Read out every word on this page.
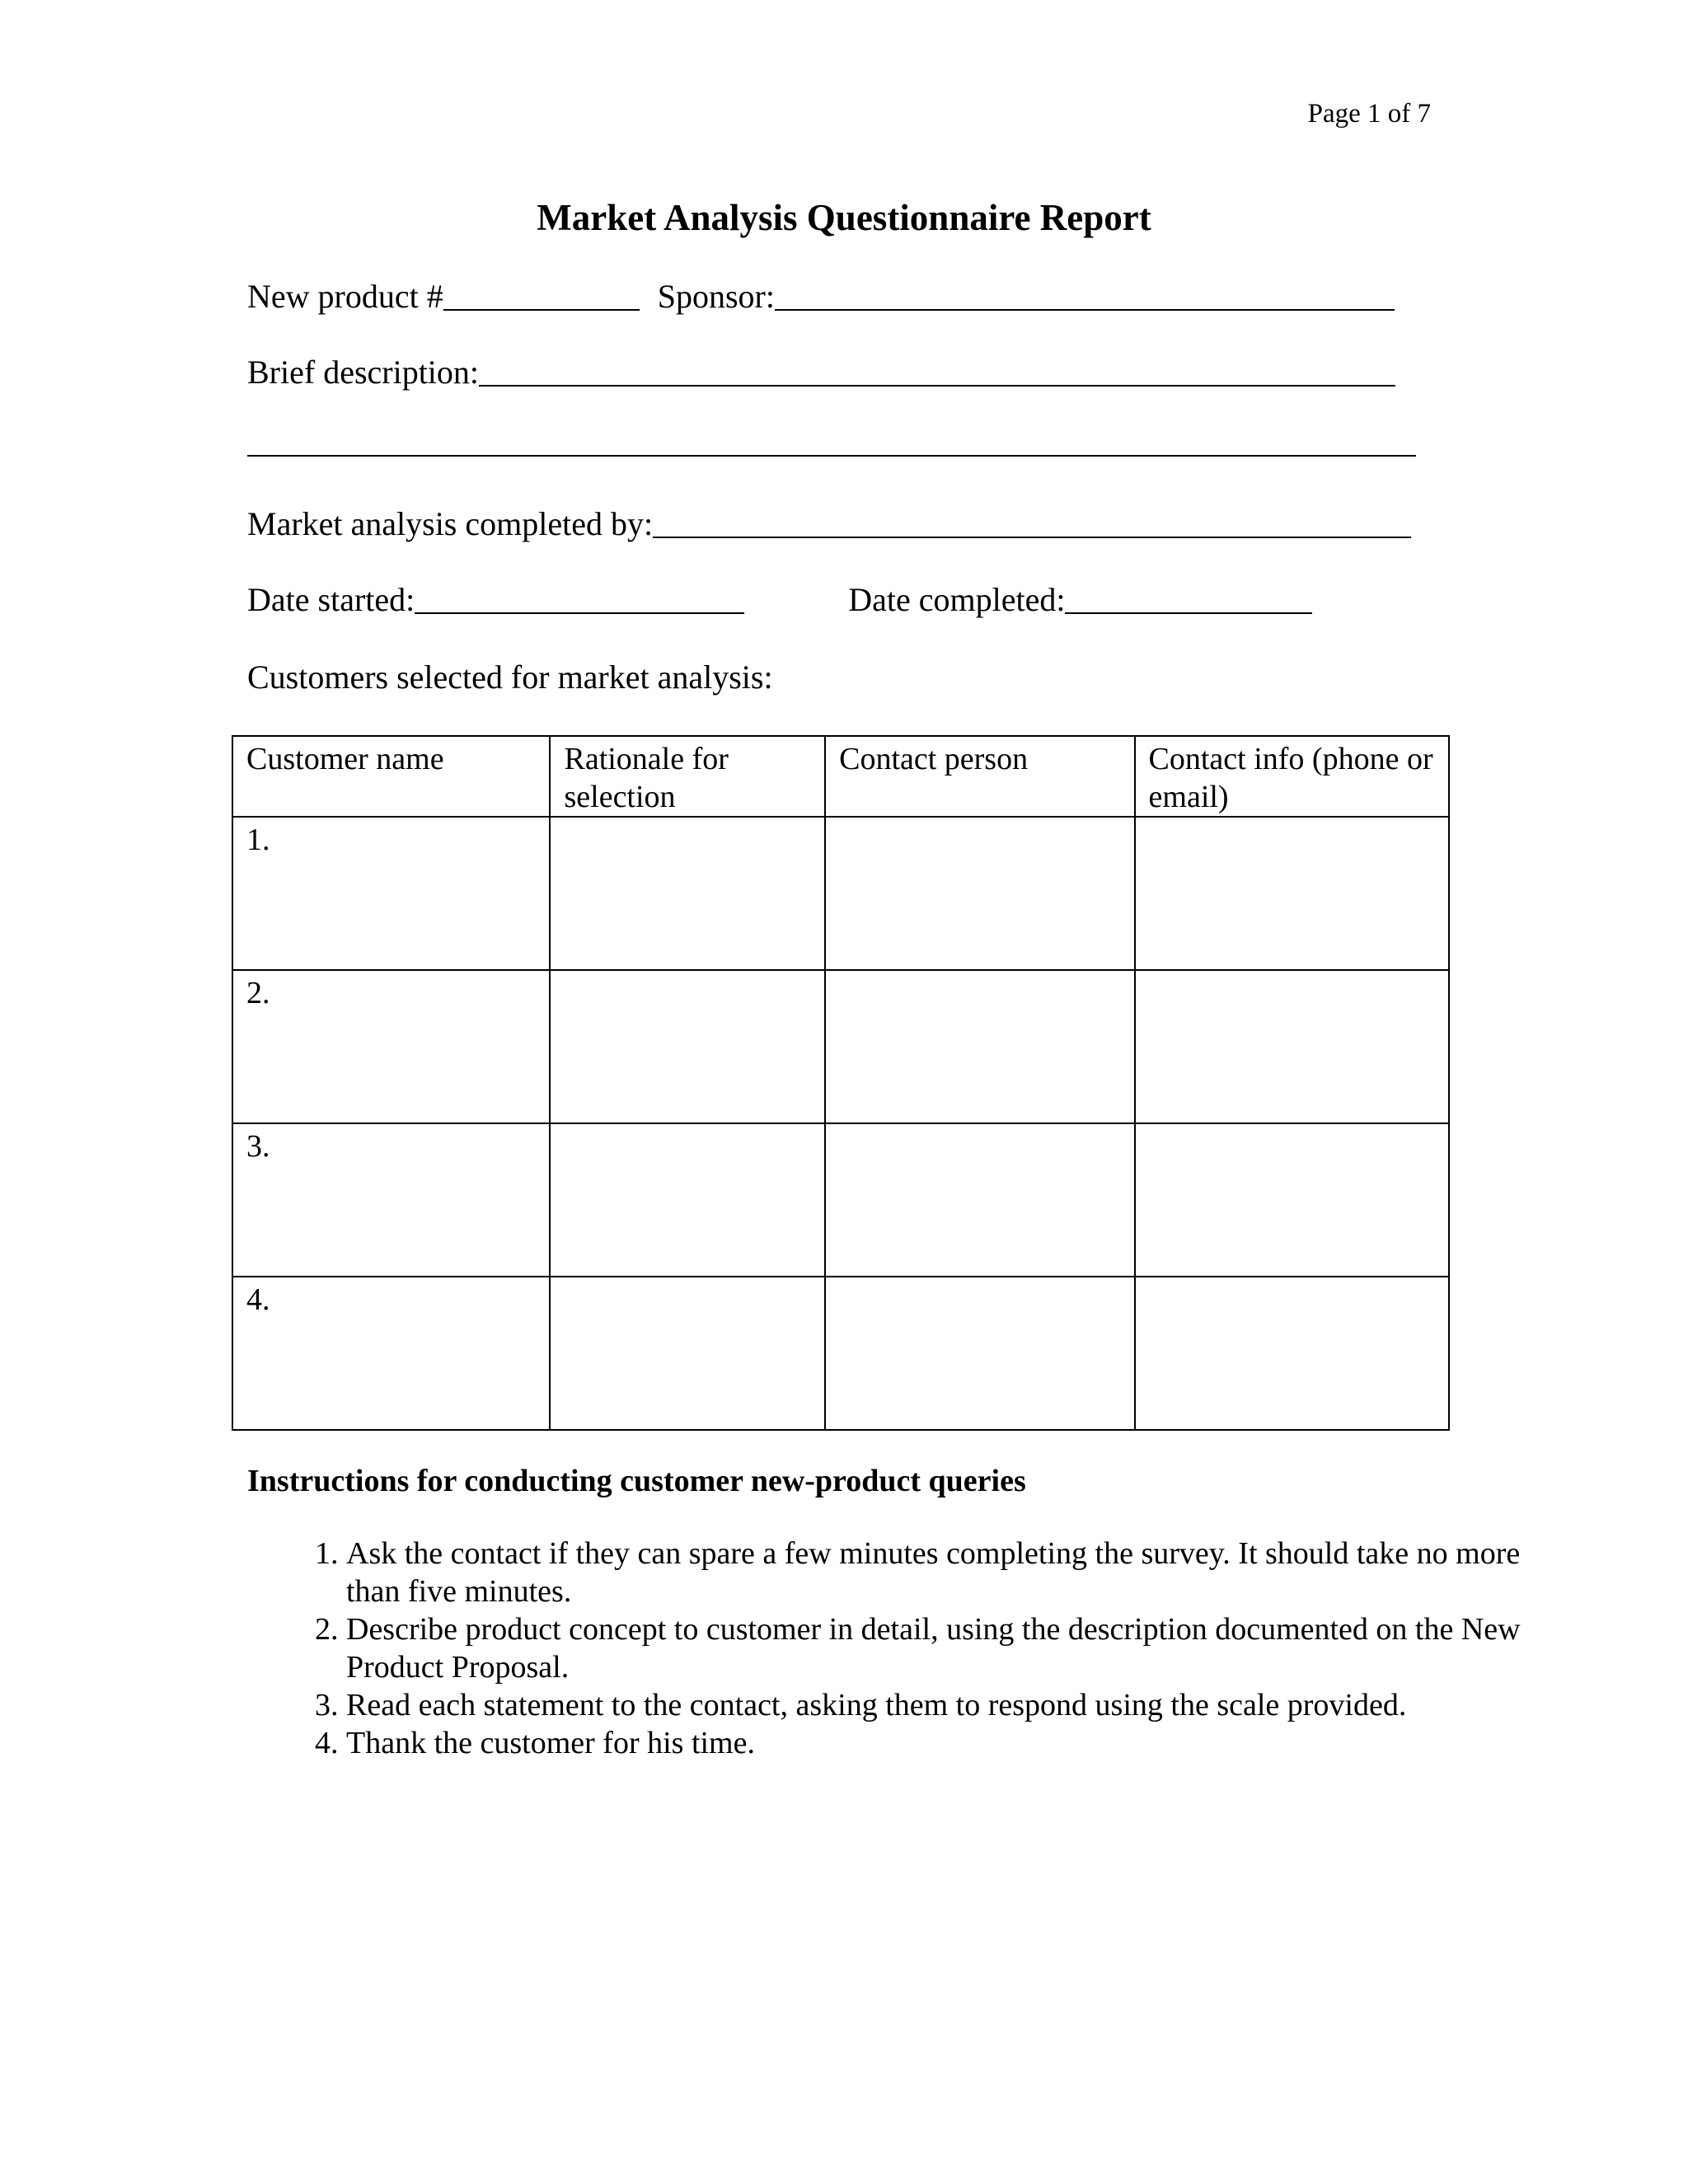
Page 1 of 7
Market Analysis Questionnaire Report
New product #	Sponsor:
Brief description:
Market analysis completed by:
Date started:	Date completed:
Customers selected for market analysis:
Customer name	Rationale for selection	Contact person	Contact info (phone or email)
1.			
2.			
3.			
4.			
Instructions for conducting customer new-product queries
1. Ask the contact if they can spare a few minutes completing the survey. It should take no more than five minutes.
2. Describe product concept to customer in detail, using the description documented on the New Product Proposal.
3. Read each statement to the contact, asking them to respond using the scale provided.
4. Thank the customer for his time.
